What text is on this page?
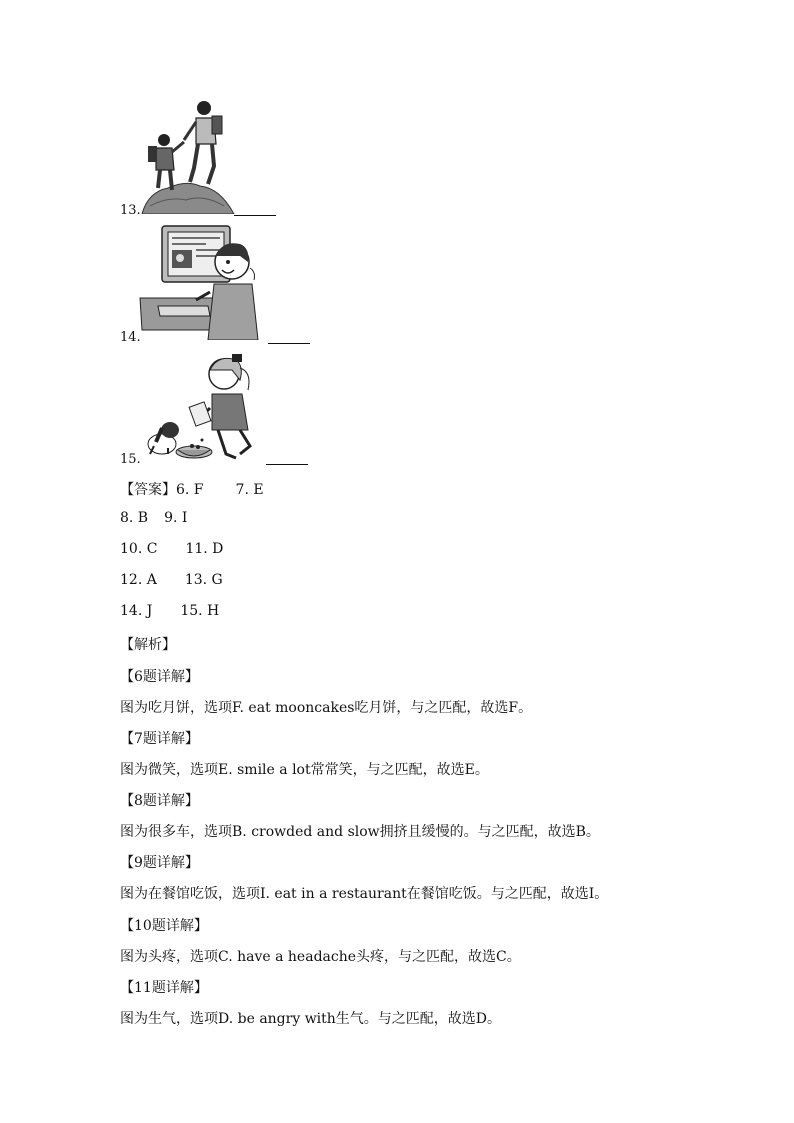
13.
14.
15.
【答案】6. F 7. E
8. B 9. I
10. C 11. D
12. A 13. G
14. J 15. H
【解析】
【6题详解】
图为吃月饼，选项F. eat mooncakes吃月饼，与之匹配，故选F。
【7题详解】
图为微笑，选项E. smile a lot常常笑，与之匹配，故选E。
【8题详解】
图为很多车，选项B. crowded and slow拥挤且缓慢的。与之匹配，故选B。
【9题详解】
图为在餐馆吃饭，选项I. eat in a restaurant在餐馆吃饭。与之匹配，故选I。
【10题详解】
图为头疼，选项C. have a headache头疼，与之匹配，故选C。
【11题详解】
图为生气，选项D. be angry with生气。与之匹配，故选D。
